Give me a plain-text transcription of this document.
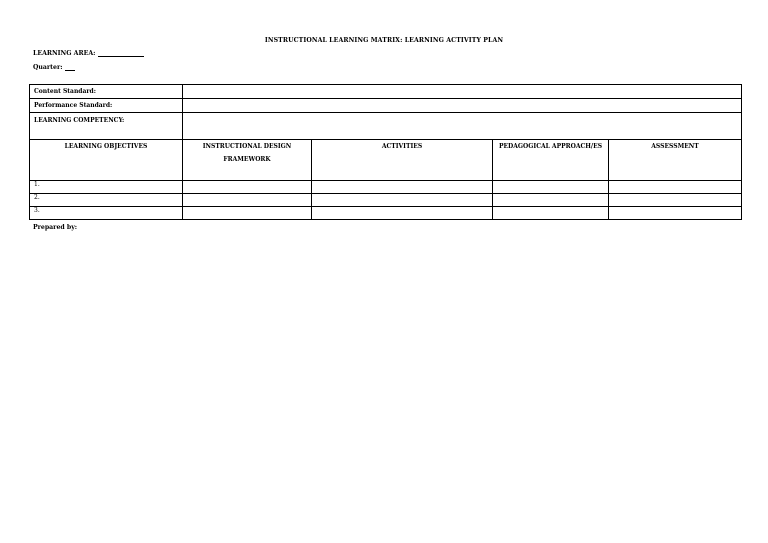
INSTRUCTIONAL LEARNING MATRIX: LEARNING ACTIVITY PLAN
LEARNING AREA:
Quarter:
Content Standard:				
Performance Standard:				
LEARNING COMPETENCY:				
LEARNING OBJECTIVES	INSTRUCTIONAL DESIGN FRAMEWORK	ACTIVITIES	PEDAGOGICAL APPROACH/ES	ASSESSMENT
1.				
2.				
3.				
Prepared by:
